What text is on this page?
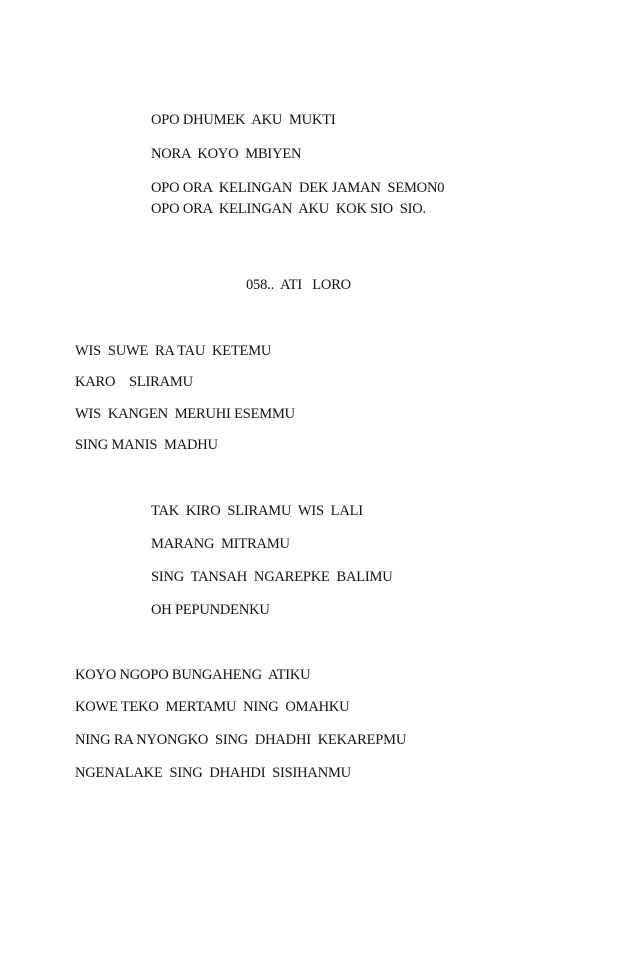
OPO DHUMEK  AKU  MUKTI
NORA  KOYO  MBIYEN
OPO ORA  KELINGAN  DEK JAMAN  SEMON0
OPO ORA  KELINGAN  AKU  KOK SIO  SIO.
058..  ATI   LORO
WIS  SUWE  RA TAU  KETEMU
KARO    SLIRAMU
WIS  KANGEN  MERUHI ESEMMU
SING MANIS  MADHU
TAK  KIRO  SLIRAMU  WIS  LALI
MARANG  MITRAMU
SING  TANSAH  NGAREPKE  BALIMU
OH PEPUNDENKU
KOYO NGOPO BUNGAHENG  ATIKU
KOWE TEKO  MERTAMU  NING  OMAHKU
NING RA NYONGKO  SING  DHADHI  KEKAREPMU
NGENALAKE  SING  DHAHDI  SISIHANMU
